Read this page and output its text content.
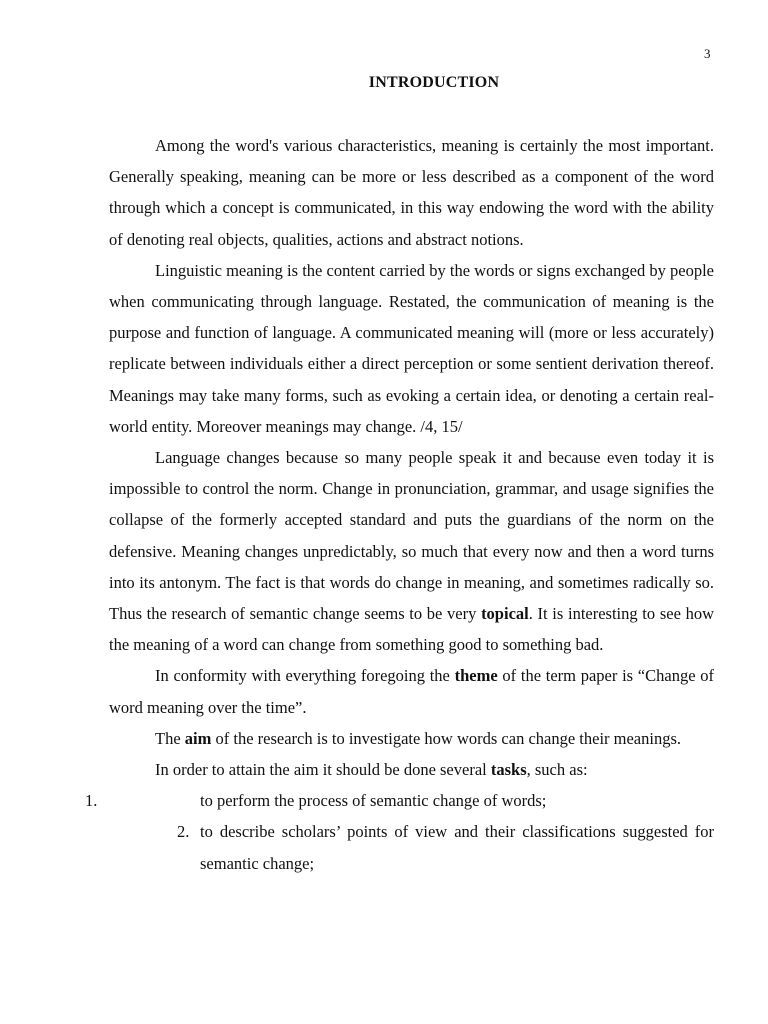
3
INTRODUCTION

Among the word's various characteristics, meaning is certainly the most important. Generally speaking, meaning can be more or less described as a component of the word through which a concept is communicated, in this way endowing the word with the ability of denoting real objects, qualities, actions and abstract notions.

Linguistic meaning is the content carried by the words or signs exchanged by people when communicating through language. Restated, the communication of meaning is the purpose and function of language. A communicated meaning will (more or less accurately) replicate between individuals either a direct perception or some sentient derivation thereof. Meanings may take many forms, such as evoking a certain idea, or denoting a certain real-world entity. Moreover meanings may change. /4, 15/

Language changes because so many people speak it and because even today it is impossible to control the norm. Change in pronunciation, grammar, and usage signifies the collapse of the formerly accepted standard and puts the guardians of the norm on the defensive. Meaning changes unpredictably, so much that every now and then a word turns into its antonym. The fact is that words do change in meaning, and sometimes radically so. Thus the research of semantic change seems to be very topical. It is interesting to see how the meaning of a word can change from something good to something bad.

In conformity with everything foregoing the theme of the term paper is “Change of word meaning over the time”.

The aim of the research is to investigate how words can change their meanings.

In order to attain the aim it should be done several tasks, such as:

1.	to perform the process of semantic change of words;
2. to describe scholars’ points of view and their classifications suggested for semantic change;
